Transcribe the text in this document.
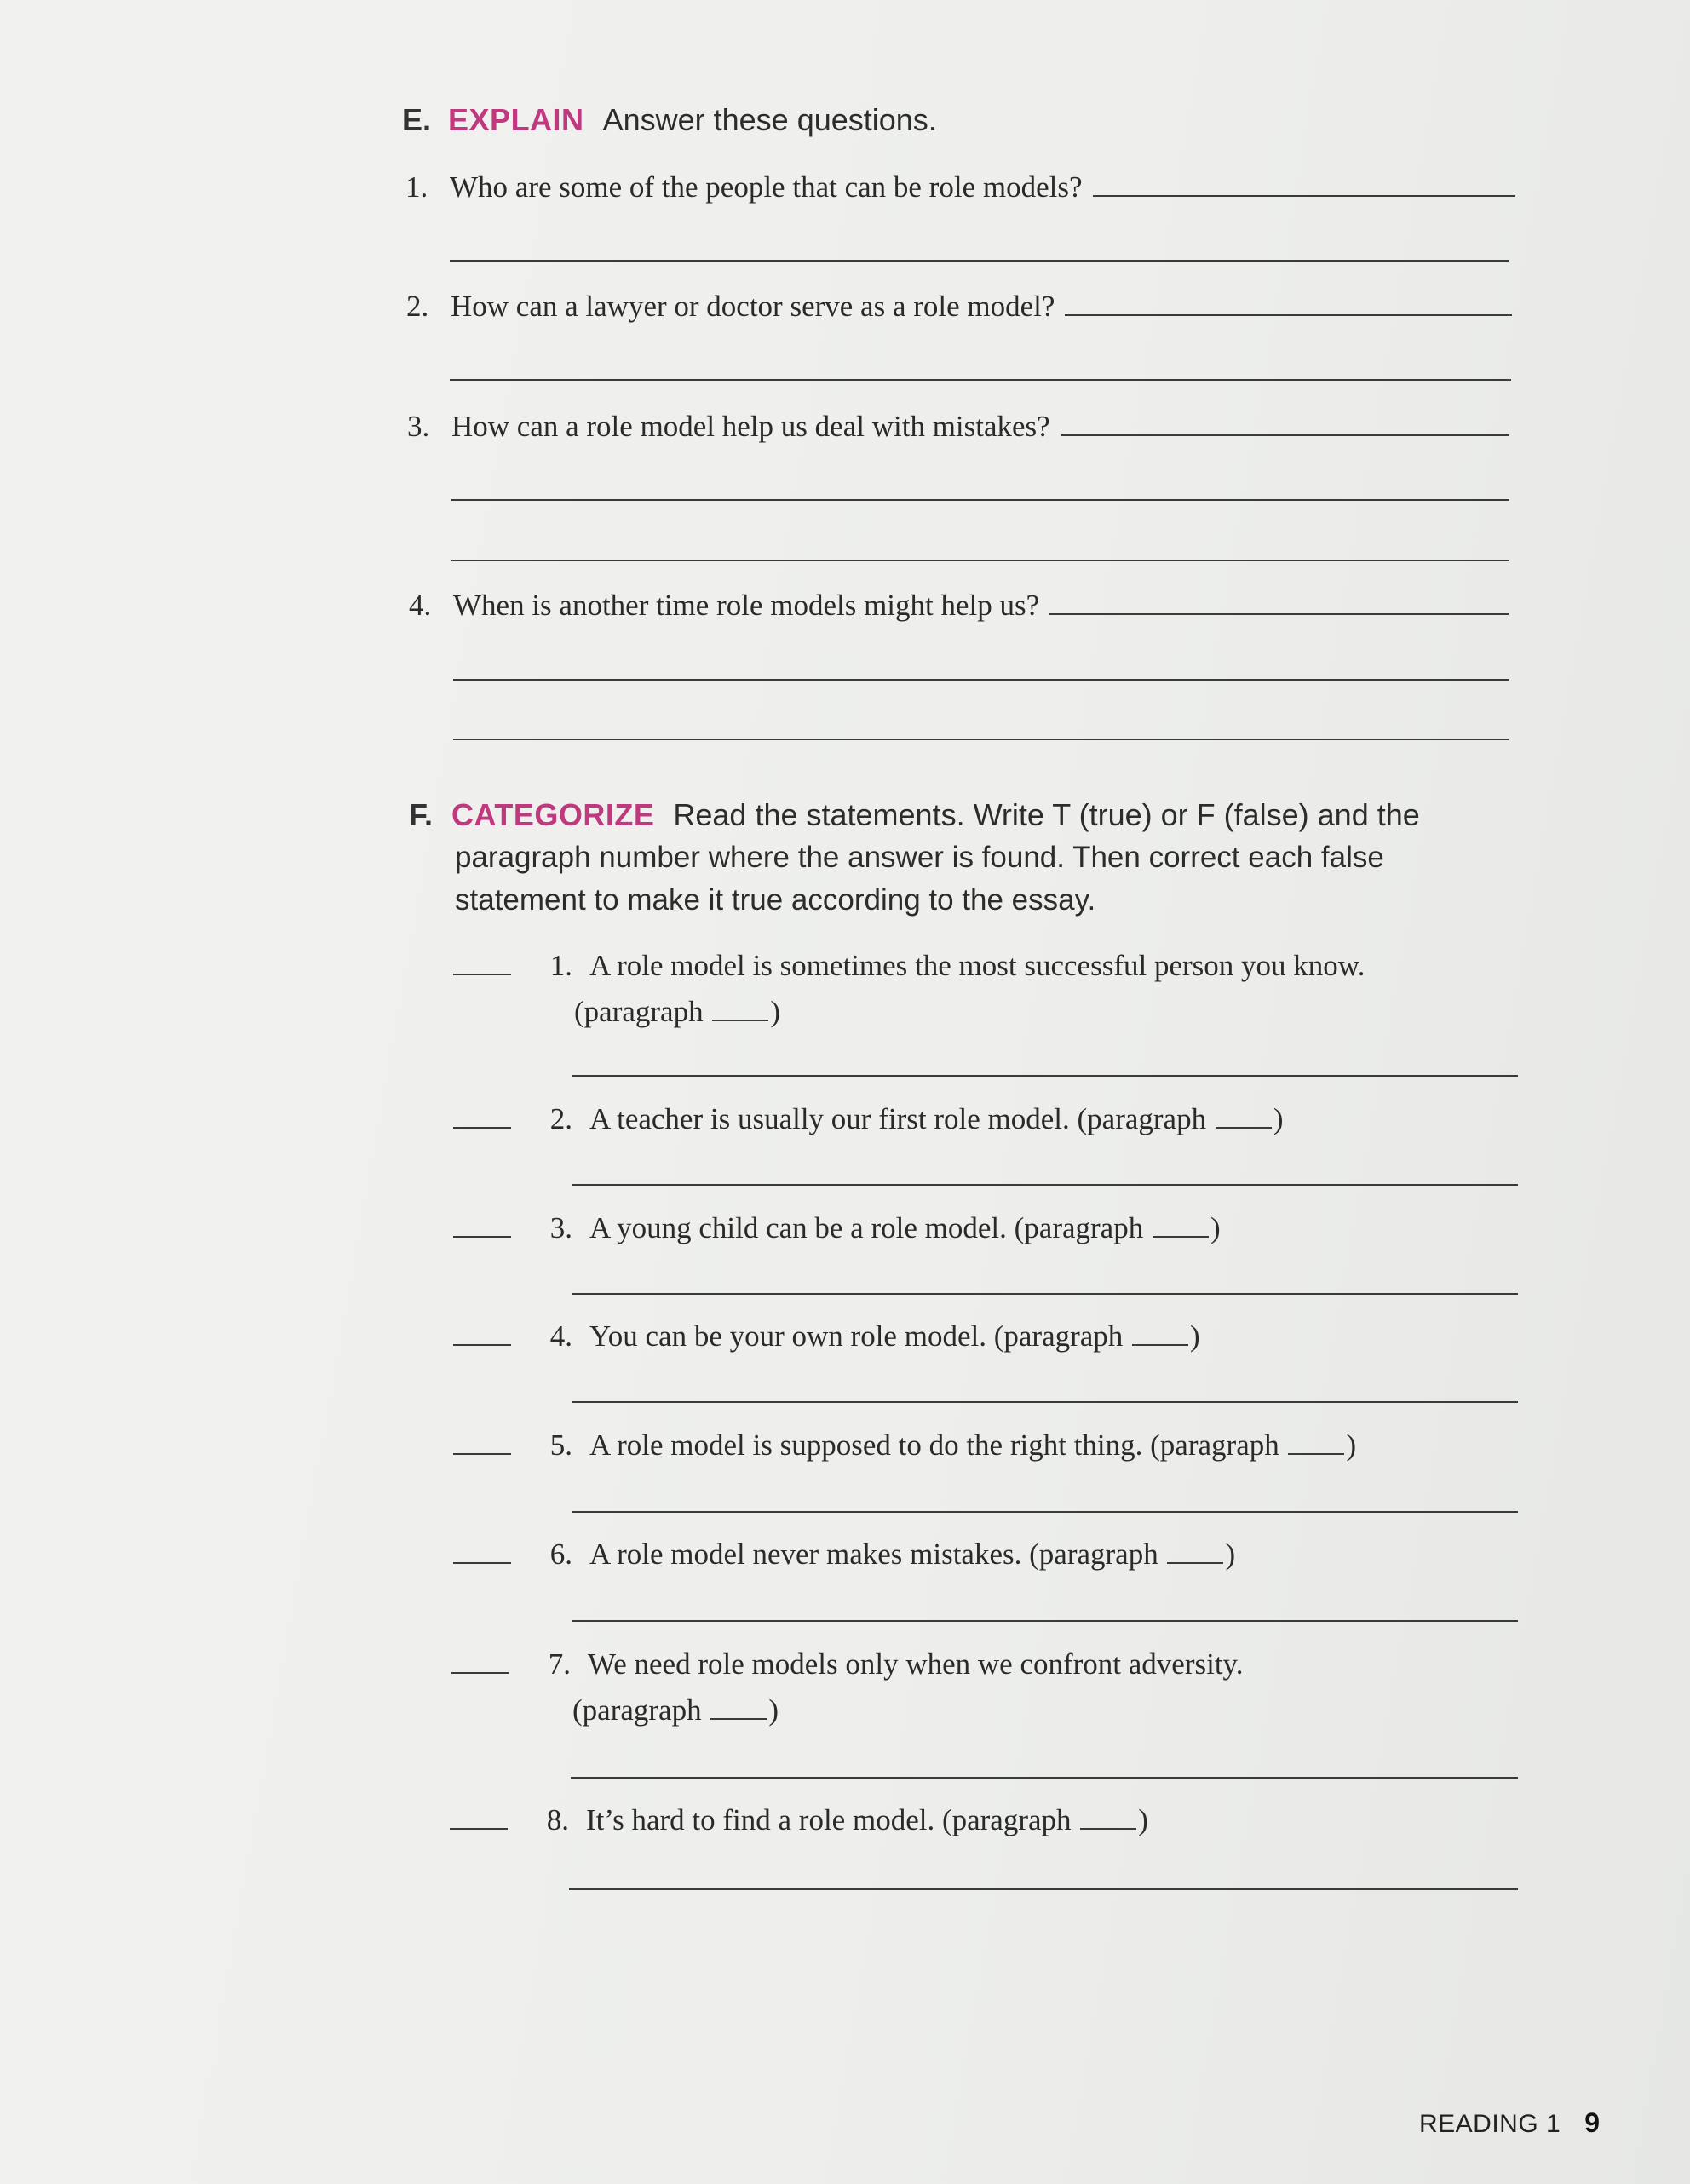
E. EXPLAIN Answer these questions.
1. Who are some of the people that can be role models?
2. How can a lawyer or doctor serve as a role model?
3. How can a role model help us deal with mistakes?
4. When is another time role models might help us?
F. CATEGORIZE Read the statements. Write T (true) or F (false) and the
paragraph number where the answer is found. Then correct each false
statement to make it true according to the essay.
1. A role model is sometimes the most successful person you know.
(paragraph )
2. A teacher is usually our first role model. (paragraph )
3. A young child can be a role model. (paragraph )
4. You can be your own role model. (paragraph )
5. A role model is supposed to do the right thing. (paragraph )
6. A role model never makes mistakes. (paragraph )
7. We need role models only when we confront adversity.
(paragraph )
8. It’s hard to find a role model. (paragraph )
READING 1 9
